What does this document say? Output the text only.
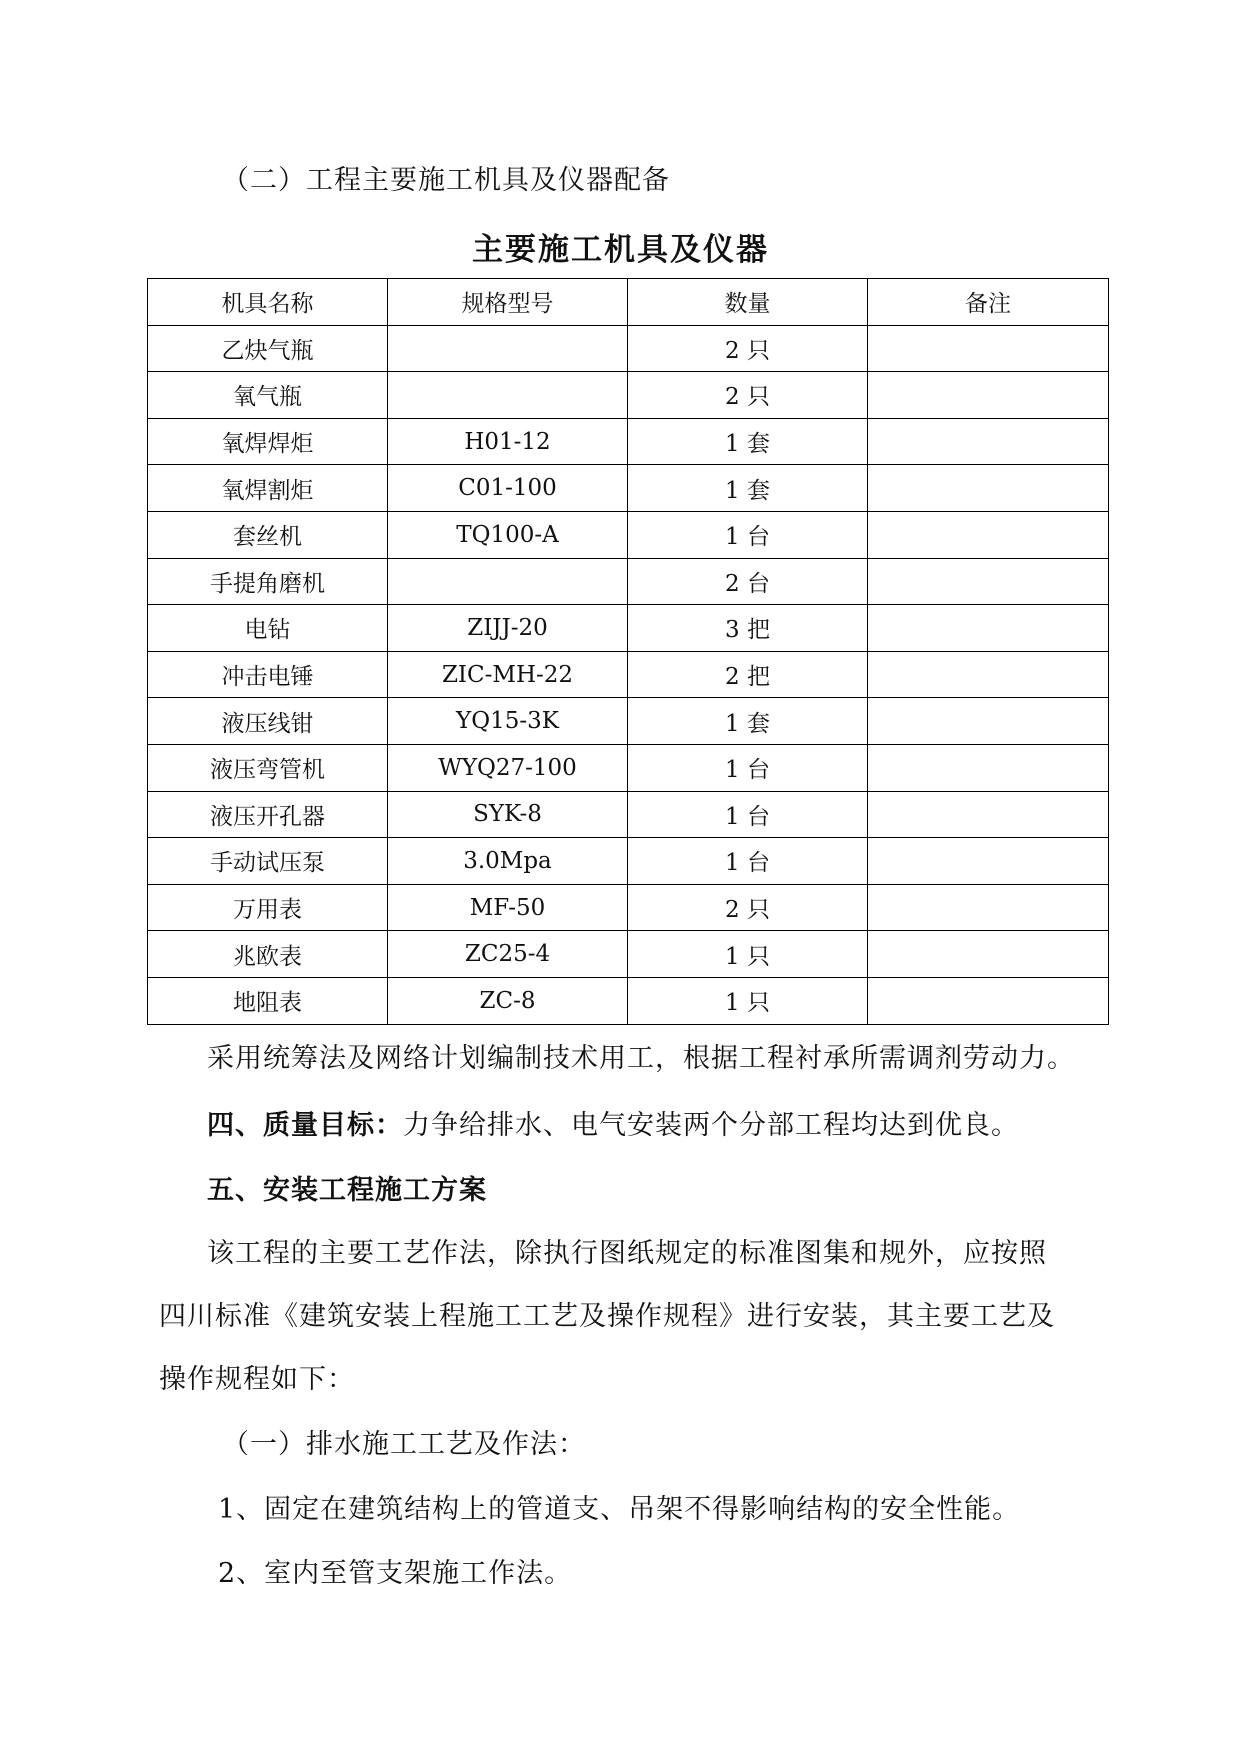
（二）工程主要施工机具及仪器配备
主要施工机具及仪器
机具名称	规格型号	数量	备注
乙炔气瓶		2 只	
氧气瓶		2 只	
氧焊焊炬	H01-12	1 套	
氧焊割炬	C01-100	1 套	
套丝机	TQ100-A	1 台	
手提角磨机		2 台	
电钻	ZIJJ-20	3 把	
冲击电锤	ZIC-MH-22	2 把	
液压线钳	YQ15-3K	1 套	
液压弯管机	WYQ27-100	1 台	
液压开孔器	SYK-8	1 台	
手动试压泵	3.0Mpa	1 台	
万用表	MF-50	2 只	
兆欧表	ZC25-4	1 只	
地阻表	ZC-8	1 只	
采用统筹法及网络计划编制技术用工，根据工程衬承所需调剂劳动力。
四、质量目标：力争给排水、电气安装两个分部工程均达到优良。
五、安装工程施工方案
该工程的主要工艺作法，除执行图纸规定的标准图集和规外，应按照
四川标准《建筑安装上程施工工艺及操作规程》进行安装，其主要工艺及
操作规程如下：
（一）排水施工工艺及作法：
1、固定在建筑结构上的管道支、吊架不得影响结构的安全性能。
2、室内至管支架施工作法。
